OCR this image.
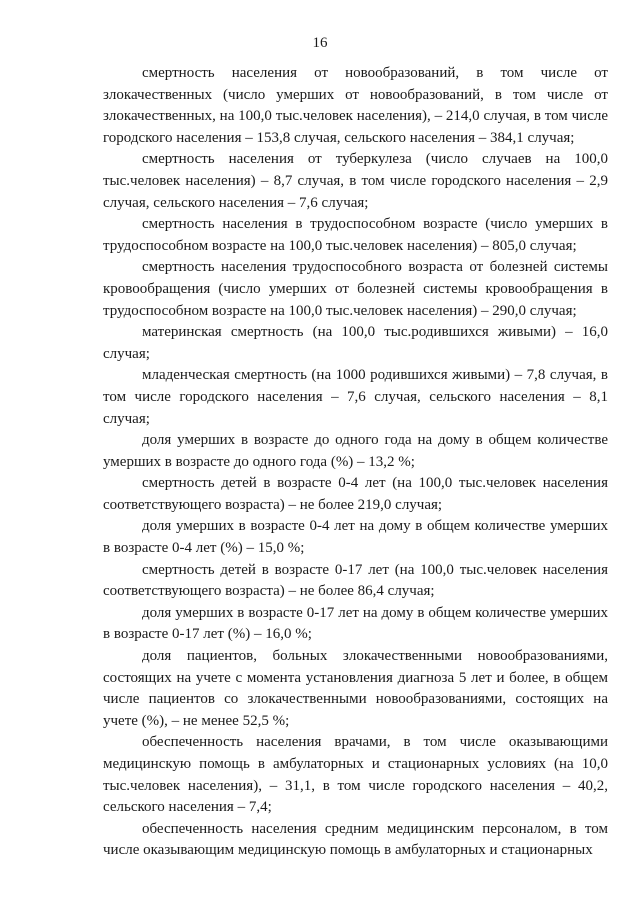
16

смертность населения от новообразований, в том числе от злокачественных (число умерших от новообразований, в том числе от злокачественных, на 100,0 тыс.человек населения), – 214,0 случая, в том числе городского населения – 153,8 случая, сельского населения – 384,1 случая;

смертность населения от туберкулеза (число случаев на 100,0 тыс.человек населения) – 8,7 случая, в том числе городского населения – 2,9 случая, сельского населения – 7,6 случая;

смертность населения в трудоспособном возрасте (число умерших в трудоспособном возрасте на 100,0 тыс.человек населения) – 805,0 случая;

смертность населения трудоспособного возраста от болезней системы кровообращения (число умерших от болезней системы кровообращения в трудоспособном возрасте на 100,0 тыс.человек населения) – 290,0 случая;

материнская смертность (на 100,0 тыс.родившихся живыми) – 16,0 случая;

младенческая смертность (на 1000 родившихся живыми) – 7,8 случая, в том числе городского населения – 7,6 случая, сельского населения – 8,1 случая;

доля умерших в возрасте до одного года на дому в общем количестве умерших в возрасте до одного года (%) – 13,2 %;

смертность детей в возрасте 0-4 лет (на 100,0 тыс.человек населения соответствующего возраста) – не более 219,0 случая;

доля умерших в возрасте 0-4 лет на дому в общем количестве умерших в возрасте 0-4 лет (%) – 15,0 %;

смертность детей в возрасте 0-17 лет (на 100,0 тыс.человек населения соответствующего возраста) – не более 86,4 случая;

доля умерших в возрасте 0-17 лет на дому в общем количестве умерших в возрасте 0-17 лет (%) – 16,0 %;

доля пациентов, больных злокачественными новообразованиями, состоящих на учете с момента установления диагноза 5 лет и более, в общем числе пациентов со злокачественными новообразованиями, состоящих на учете (%), – не менее 52,5 %;

обеспеченность населения врачами, в том числе оказывающими медицинскую помощь в амбулаторных и стационарных условиях (на 10,0 тыс.человек населения), – 31,1, в том числе городского населения – 40,2, сельского населения – 7,4;

обеспеченность населения средним медицинским персоналом, в том числе оказывающим медицинскую помощь в амбулаторных и стационарных
